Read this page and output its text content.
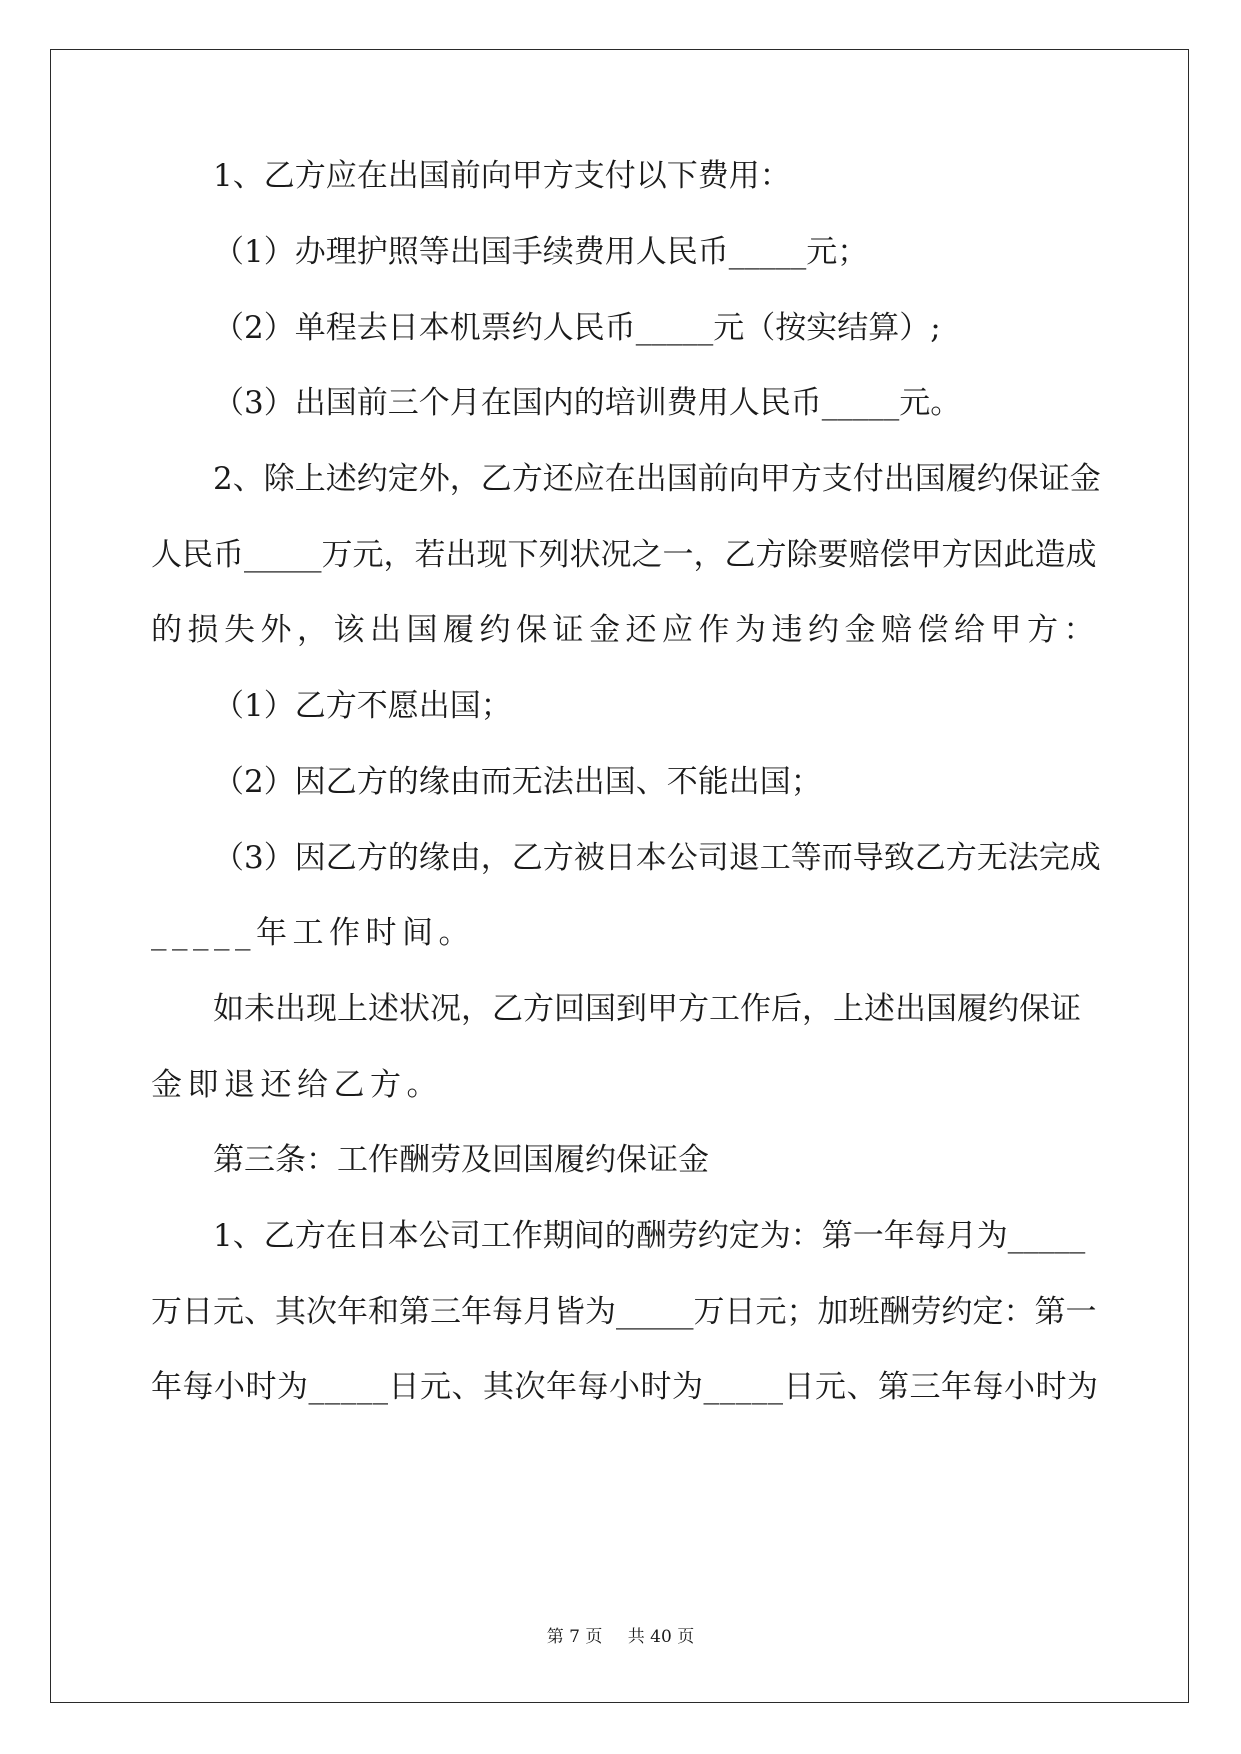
1、乙方应在出国前向甲方支付以下费用：
（1）办理护照等出国手续费用人民币_____元；
（2）单程去日本机票约人民币_____元（按实结算）;
（3）出国前三个月在国内的培训费用人民币_____元。
2、除上述约定外，乙方还应在出国前向甲方支付出国履约保证金
人民币_____万元，若出现下列状况之一，乙方除要赔偿甲方因此造成
的损失外，该出国履约保证金还应作为违约金赔偿给甲方：
（1）乙方不愿出国；
（2）因乙方的缘由而无法出国、不能出国；
（3）因乙方的缘由，乙方被日本公司退工等而导致乙方无法完成
_____年工作时间。
如未出现上述状况，乙方回国到甲方工作后，上述出国履约保证
金即退还给乙方。
第三条：工作酬劳及回国履约保证金
1、乙方在日本公司工作期间的酬劳约定为：第一年每月为_____
万日元、其次年和第三年每月皆为_____万日元；加班酬劳约定：第一
年每小时为_____日元、其次年每小时为_____日元、第三年每小时为
第 7 页 共 40 页
